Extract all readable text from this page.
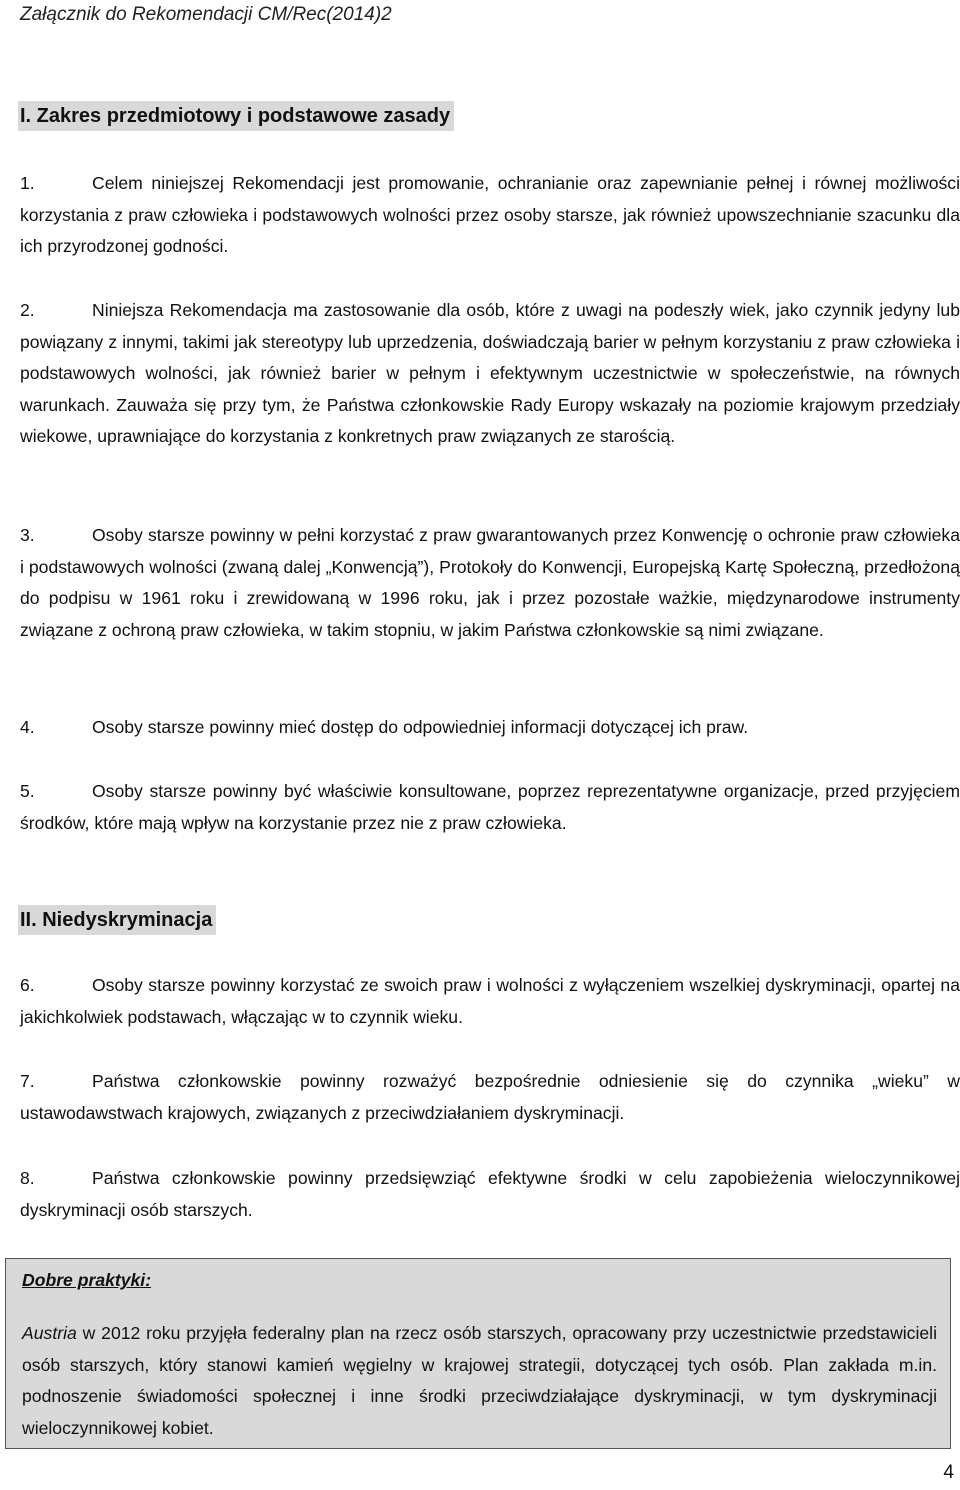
Załącznik do Rekomendacji CM/Rec(2014)2

I. Zakres przedmiotowy i podstawowe zasady

1.	Celem niniejszej Rekomendacji jest promowanie, ochranianie oraz zapewnianie pełnej i równej możliwości korzystania z praw człowieka i podstawowych wolności przez osoby starsze, jak również upowszechnianie szacunku dla ich przyrodzonej godności.

2.	Niniejsza Rekomendacja ma zastosowanie dla osób, które z uwagi na podeszły wiek, jako czynnik jedyny lub powiązany z innymi, takimi jak stereotypy lub uprzedzenia, doświadczają barier w pełnym korzystaniu z praw człowieka i podstawowych wolności, jak również barier w pełnym i efektywnym uczestnictwie w społeczeństwie, na równych warunkach. Zauważa się przy tym, że Państwa członkowskie Rady Europy wskazały na poziomie krajowym przedziały wiekowe, uprawniające do korzystania z konkretnych praw związanych ze starością.

3.	Osoby starsze powinny w pełni korzystać z praw gwarantowanych przez Konwencję o ochronie praw człowieka i podstawowych wolności (zwaną dalej „Konwencją”), Protokoły do Konwencji, Europejską Kartę Społeczną, przedłożoną do podpisu w 1961 roku i zrewidowaną w 1996 roku, jak i przez pozostałe ważkie, międzynarodowe instrumenty związane z ochroną praw człowieka, w takim stopniu, w jakim Państwa członkowskie są nimi związane.

4.	Osoby starsze powinny mieć dostęp do odpowiedniej informacji dotyczącej ich praw.

5.	Osoby starsze powinny być właściwie konsultowane, poprzez reprezentatywne organizacje, przed przyjęciem środków, które mają wpływ na korzystanie przez nie z praw człowieka.

II. Niedyskryminacja

6.	Osoby starsze powinny korzystać ze swoich praw i wolności z wyłączeniem wszelkiej dyskryminacji, opartej na jakichkolwiek podstawach, włączając w to czynnik wieku.

7.	Państwa członkowskie powinny rozważyć bezpośrednie odniesienie się do czynnika „wieku” w ustawodawstwach krajowych, związanych z przeciwdziałaniem dyskryminacji.

8.	Państwa członkowskie powinny przedsięwziąć efektywne środki w celu zapobieżenia wieloczynnikowej dyskryminacji osób starszych.

Dobre praktyki:

Austria w 2012 roku przyjęła federalny plan na rzecz osób starszych, opracowany przy uczestnictwie przedstawicieli osób starszych, który stanowi kamień węgielny w krajowej strategii, dotyczącej tych osób. Plan zakłada m.in. podnoszenie świadomości społecznej i inne środki przeciwdziałające dyskryminacji, w tym dyskryminacji wieloczynnikowej kobiet.

4
